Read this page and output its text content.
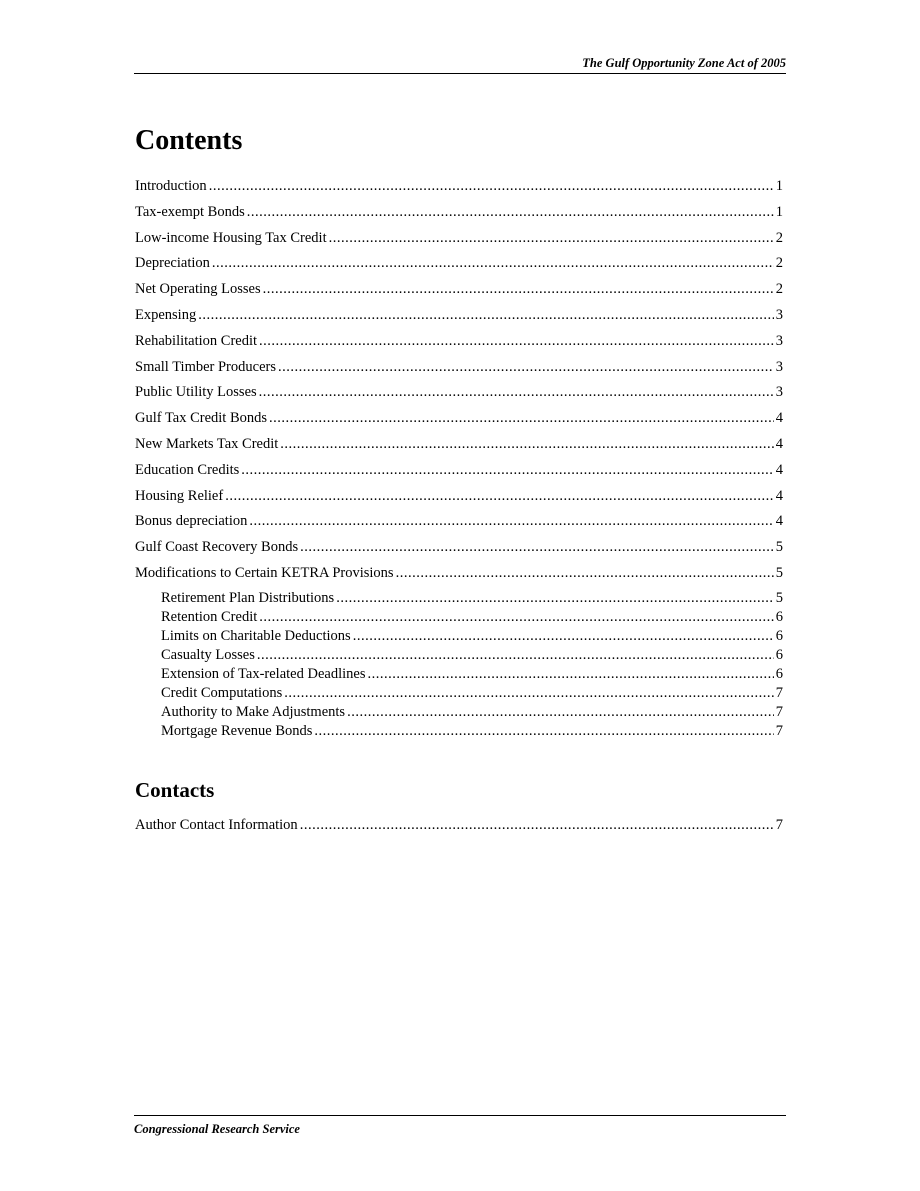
The Gulf Opportunity Zone Act of 2005
Contents
Introduction .....	1
Tax-exempt Bonds .....	1
Low-income Housing Tax Credit .....	2
Depreciation .....	2
Net Operating Losses .....	2
Expensing .....	3
Rehabilitation Credit .....	3
Small Timber Producers .....	3
Public Utility Losses .....	3
Gulf Tax Credit Bonds .....	4
New Markets Tax Credit .....	4
Education Credits .....	4
Housing Relief .....	4
Bonus depreciation .....	4
Gulf Coast Recovery Bonds .....	5
Modifications to Certain KETRA Provisions .....	5
Retirement Plan Distributions .....	5
Retention Credit .....	6
Limits on Charitable Deductions .....	6
Casualty Losses .....	6
Extension of Tax-related Deadlines .....	6
Credit Computations .....	7
Authority to Make Adjustments .....	7
Mortgage Revenue Bonds .....	7
Contacts
Author Contact Information .....	7
Congressional Research Service
